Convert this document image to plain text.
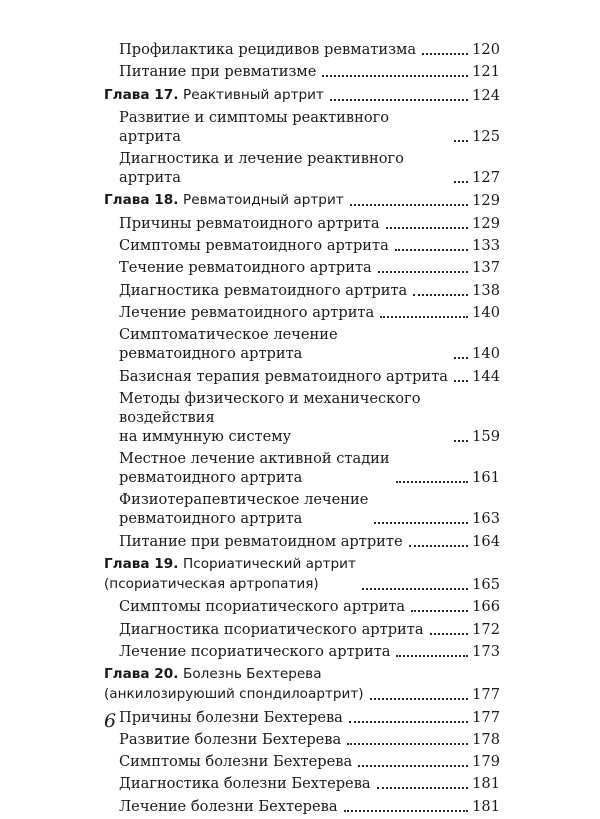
Профилактика рецидивов ревматизма	120
Питание при ревматизме	121
Глава 17. Реактивный артрит	124
Развитие и симптомы реактивного артрита	125
Диагностика и лечение реактивного артрита	127
Глава 18. Ревматоидный артрит	129
Причины ревматоидного артрита	129
Симптомы ревматоидного артрита	133
Течение ревматоидного артрита	137
Диагностика ревматоидного артрита	138
Лечение ревматоидного артрита	140
Симптоматическое лечение ревматоидного артрита	140
Базисная терапия ревматоидного артрита 144
Методы физического и механического воздействия
на иммунную систему	159
Местное лечение активной стадии
ревматоидного артрита	161
Физиотерапевтическое лечение
ревматоидного артрита	163
Питание при ревматоидном артрите	164
Глава 19. Псориатический артрит
(псориатическая артропатия)	165
Симптомы псориатического артрита	166
Диагностика псориатического артрита	172
Лечение псориатического артрита	173
Глава 20. Болезнь Бехтерева
(анкилозируюший спондилоартрит)	177
Причины болезни Бехтерева	177
Развитие болезни Бехтерева	178
Симптомы болезни Бехтерева	179
Диагностика болезни Бехтерева	181
Лечение болезни Бехтерева	181
6
